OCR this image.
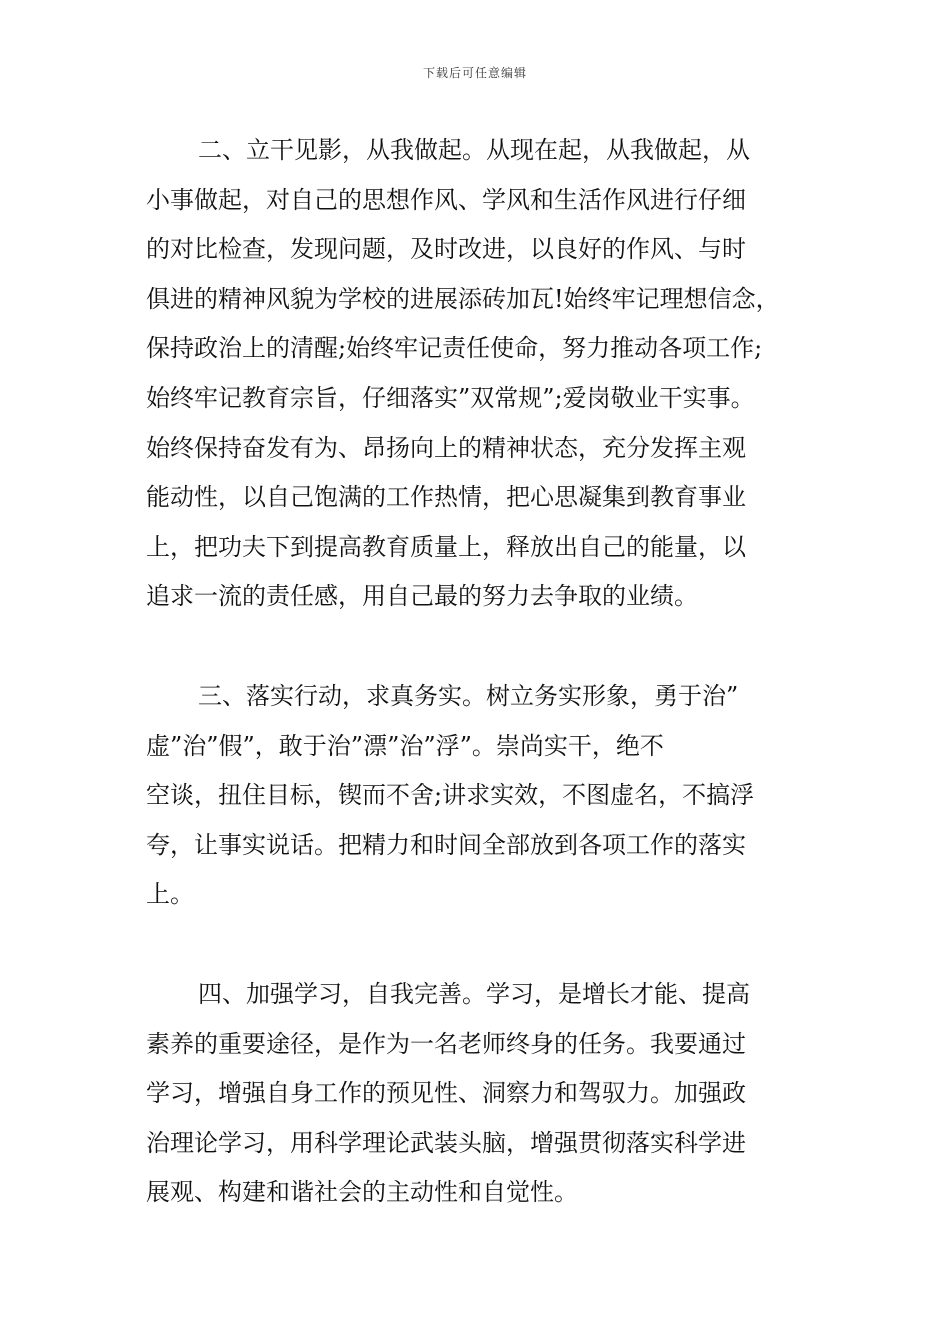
下载后可任意编辑
二、立干见影，从我做起。从现在起，从我做起，从
小事做起，对自己的思想作风、学风和生活作风进行仔细
的对比检查，发现问题，及时改进，以良好的作风、与时
俱进的精神风貌为学校的进展添砖加瓦!始终牢记理想信念，
保持政治上的清醒;始终牢记责任使命，努力推动各项工作;
始终牢记教育宗旨，仔细落实”双常规”;爱岗敬业干实事。
始终保持奋发有为、昂扬向上的精神状态，充分发挥主观
能动性，以自己饱满的工作热情，把心思凝集到教育事业
上，把功夫下到提高教育质量上，释放出自己的能量，以
追求一流的责任感，用自己最的努力去争取的业绩。
三、落实行动，求真务实。树立务实形象，勇于治”
虚”治”假”，敢于治”漂”治”浮”。崇尚实干，绝不
空谈，扭住目标，锲而不舍;讲求实效，不图虚名，不搞浮
夸，让事实说话。把精力和时间全部放到各项工作的落实
上。
四、加强学习，自我完善。学习，是增长才能、提高
素养的重要途径，是作为一名老师终身的任务。我要通过
学习，增强自身工作的预见性、洞察力和驾驭力。加强政
治理论学习，用科学理论武装头脑，增强贯彻落实科学进
展观、构建和谐社会的主动性和自觉性。
